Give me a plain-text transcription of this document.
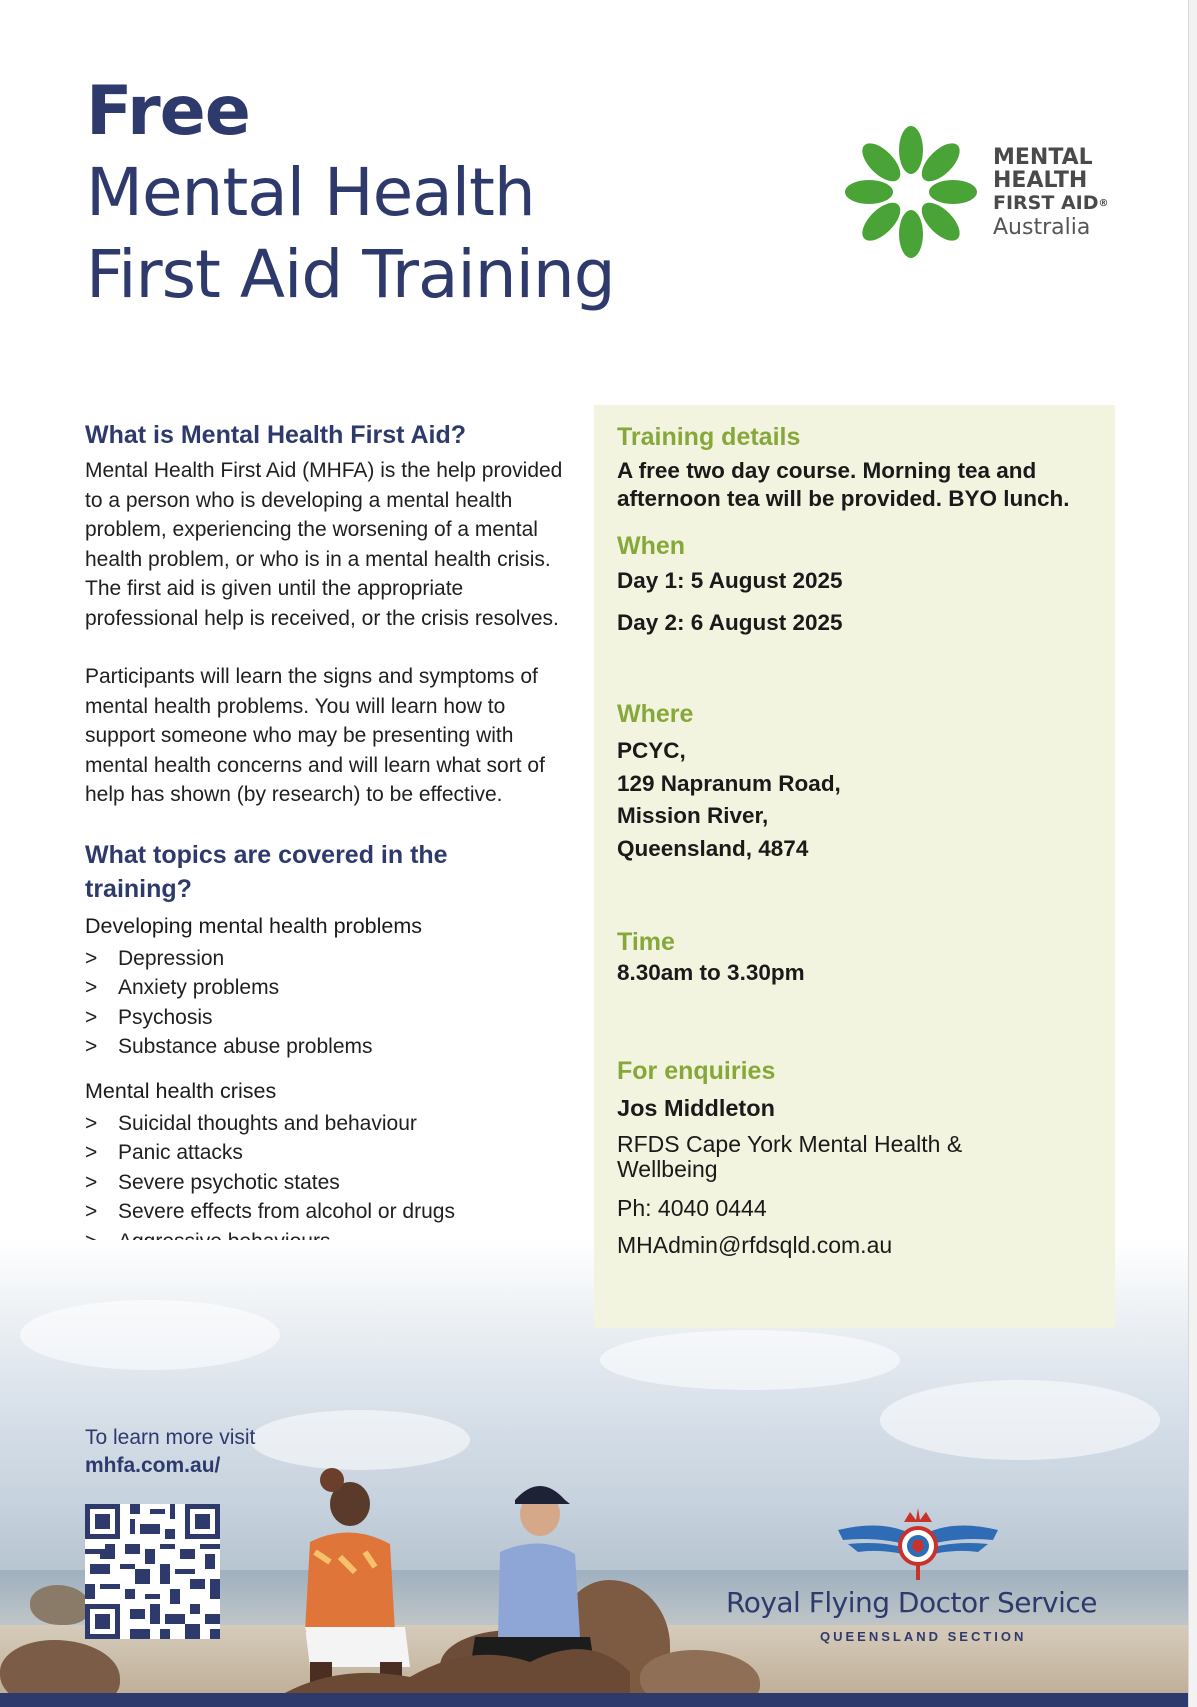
Free
Mental Health
First Aid Training
MENTAL
HEALTH
FIRST AID®
Australia
What is Mental Health First Aid?

Mental Health First Aid (MHFA) is the help provided to a person who is developing a mental health problem, experiencing the worsening of a mental health problem, or who is in a mental health crisis. The first aid is given until the appropriate professional help is received, or the crisis resolves.

Participants will learn the signs and symptoms of mental health problems. You will learn how to support someone who may be presenting with mental health concerns and will learn what sort of help has shown (by research) to be effective.

What topics are covered in the training?
Developing mental health problems
> Depression
> Anxiety problems
> Psychosis
> Substance abuse problems
Mental health crises
> Suicidal thoughts and behaviour
> Panic attacks
> Severe psychotic states
> Severe effects from alcohol or drugs
Training details

A free two day course. Morning tea and afternoon tea will be provided. BYO lunch.

When

Day 1: 5 August 2025

Day 2: 6 August 2025

Where
PCYC,
129 Napranum Road,
Mission River,
Queensland, 4874
Time

8.30am to 3.30pm

For enquiries

Jos Middleton

RFDS Cape York Mental Health & Wellbeing

Ph: 4040 0444

MHAdmin@rfdsqld.com.au

To learn more visit
mhfa.com.au/
Royal Flying Doctor Service
QUEENSLAND SECTION
